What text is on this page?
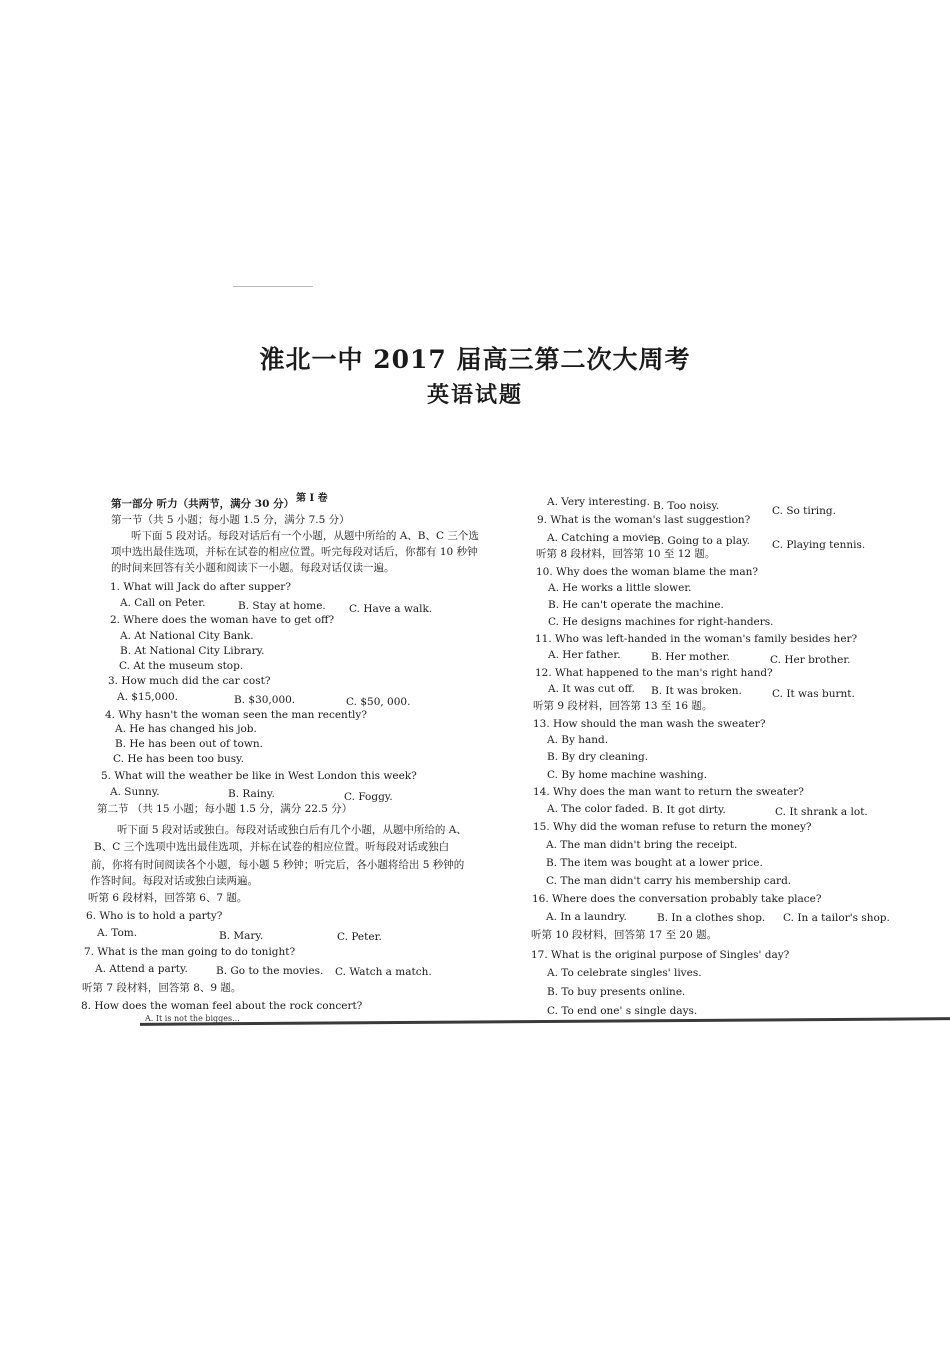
淮北一中 2017 届高三第二次大周考
英语试题
第 I 卷
第一部分 听力（共两节，满分 30 分）
第一节（共 5 小题；每小题 1.5 分，满分 7.5 分）
听下面 5 段对话。每段对话后有一个小题，从题中所给的 A、B、C 三个选
项中选出最佳选项，并标在试卷的相应位置。听完每段对话后，你都有 10 秒钟
的时间来回答有关小题和阅读下一小题。每段对话仅读一遍。
1. What will Jack do after supper?
A. Call on Peter.	B. Stay at home. C. Have a walk.
2. Where does the woman have to get off?
A. At National City Bank.
B. At National City Library.
C. At the museum stop.
3. How much did the car cost?
A. $15,000.	B. $30,000.	C. $50, 000.
4. Why hasn't the woman seen the man recently?
A. He has changed his job.
B. He has been out of town.
C. He has been too busy.
5. What will the weather be like in West London this week?
A. Sunny.	B. Rainy.	C. Foggy.
第二节 （共 15 小题；每小题 1.5 分，满分 22.5 分）
听下面 5 段对话或独白。每段对话或独白后有几个小题，从题中所给的 A、
B、C 三个选项中选出最佳选项，并标在试卷的相应位置。听每段对话或独白
前，你将有时间阅读各个小题，每小题 5 秒钟；听完后，各小题将给出 5 秒钟的
作答时间。每段对话或独白读两遍。
听第 6 段材料，回答第 6、7 题。
6. Who is to hold a party?
A. Tom.	B. Mary.	C. Peter.
7. What is the man going to do tonight?
A. Attend a party.	B. Go to the movies. C. Watch a match.
听第 7 段材料，回答第 8、9 题。
8. How does the woman feel about the rock concert?
A. It is not the bigges...
A. Very interesting. B. Too noisy.	C. So tiring.
9. What is the woman's last suggestion?
A. Catching a movie.
B. Going to a play. C. Playing tennis.
听第 8 段材料，回答第 10 至 12 题。
10. Why does the woman blame the man?
A. He works a little slower.
B. He can't operate the machine.
C. He designs machines for right-handers.
11. Who was left-handed in the woman's family besides her?
A. Her father.	B. Her mother.	C. Her brother.
12. What happened to the man's right hand?
A. It was cut off. B. It was broken.	C. It was burnt.
听第 9 段材料，回答第 13 至 16 题。
13. How should the man wash the sweater?
A. By hand.
B. By dry cleaning.
C. By home machine washing.
14. Why does the man want to return the sweater?
A. The color faded. B. It got dirty.	C. It shrank a lot.
15. Why did the woman refuse to return the money?
A. The man didn't bring the receipt.
B. The item was bought at a lower price.
C. The man didn't carry his membership card.
16. Where does the conversation probably take place?
A. In a laundry.	B. In a clothes shop. C. In a tailor's shop.
听第 10 段材料，回答第 17 至 20 题。
17. What is the original purpose of Singles' day?
A. To celebrate singles' lives.
B. To buy presents online.
C. To end one' s single days.
